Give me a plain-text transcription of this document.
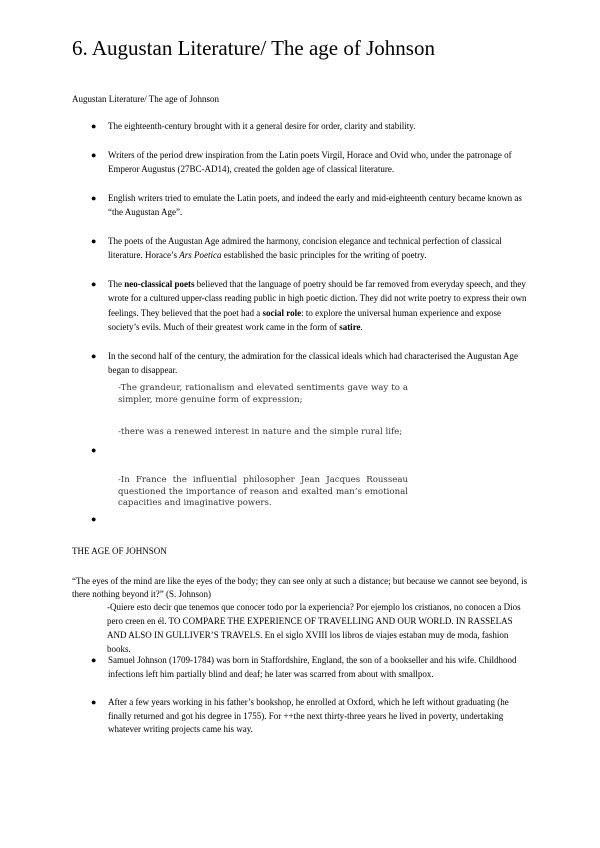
6. Augustan Literature/ The age of Johnson
Augustan Literature/ The age of Johnson
● The eighteenth-century brought with it a general desire for order, clarity and stability.
● Writers of the period drew inspiration from the Latin poets Virgil, Horace and Ovid who, under the patronage of Emperor Augustus (27BC-AD14), created the golden age of classical literature.
● English writers tried to emulate the Latin poets, and indeed the early and mid-eighteenth century became known as “the Augustan Age”.
● The poets of the Augustan Age admired the harmony, concision elegance and technical perfection of classical literature. Horace’s Ars Poetica established the basic principles for the writing of poetry.
● The neo-classical poets believed that the language of poetry should be far removed from everyday speech, and they wrote for a cultured upper-class reading public in high poetic diction. They did not write poetry to express their own feelings. They believed that the poet had a social role: to explore the universal human experience and expose society’s evils. Much of their greatest work came in the form of satire.
● In the second half of the century, the admiration for the classical ideals which had characterised the Augustan Age began to disappear.
-The grandeur, rationalism and elevated sentiments gave way to a simpler, more genuine form of expression;
-there was a renewed interest in nature and the simple rural life;
●
-In France the influential philosopher Jean Jacques Rousseau questioned the importance of reason and exalted man’s emotional capacities and imaginative powers.
●
THE AGE OF JOHNSON
“The eyes of the mind are like the eyes of the body; they can see only at such a distance; but because we cannot see beyond, is there nothing beyond it?” (S. Johnson)
-Quiere esto decir que tenemos que conocer todo por la experiencia? Por ejemplo los cristianos, no conocen a Dios pero creen en él. TO COMPARE THE EXPERIENCE OF TRAVELLING AND OUR WORLD. IN RASSELAS AND ALSO IN GULLIVER’S TRAVELS. En el siglo XVIII los libros de viajes estaban muy de moda, fashion books.
● Samuel Johnson (1709-1784) was born in Staffordshire, England, the son of a bookseller and his wife. Childhood infections left him partially blind and deaf; he later was scarred from about with smallpox.
● After a few years working in his father’s bookshop, he enrolled at Oxford, which he left without graduating (he finally returned and got his degree in 1755). For ++the next thirty-three years he lived in poverty, undertaking whatever writing projects came his way.
